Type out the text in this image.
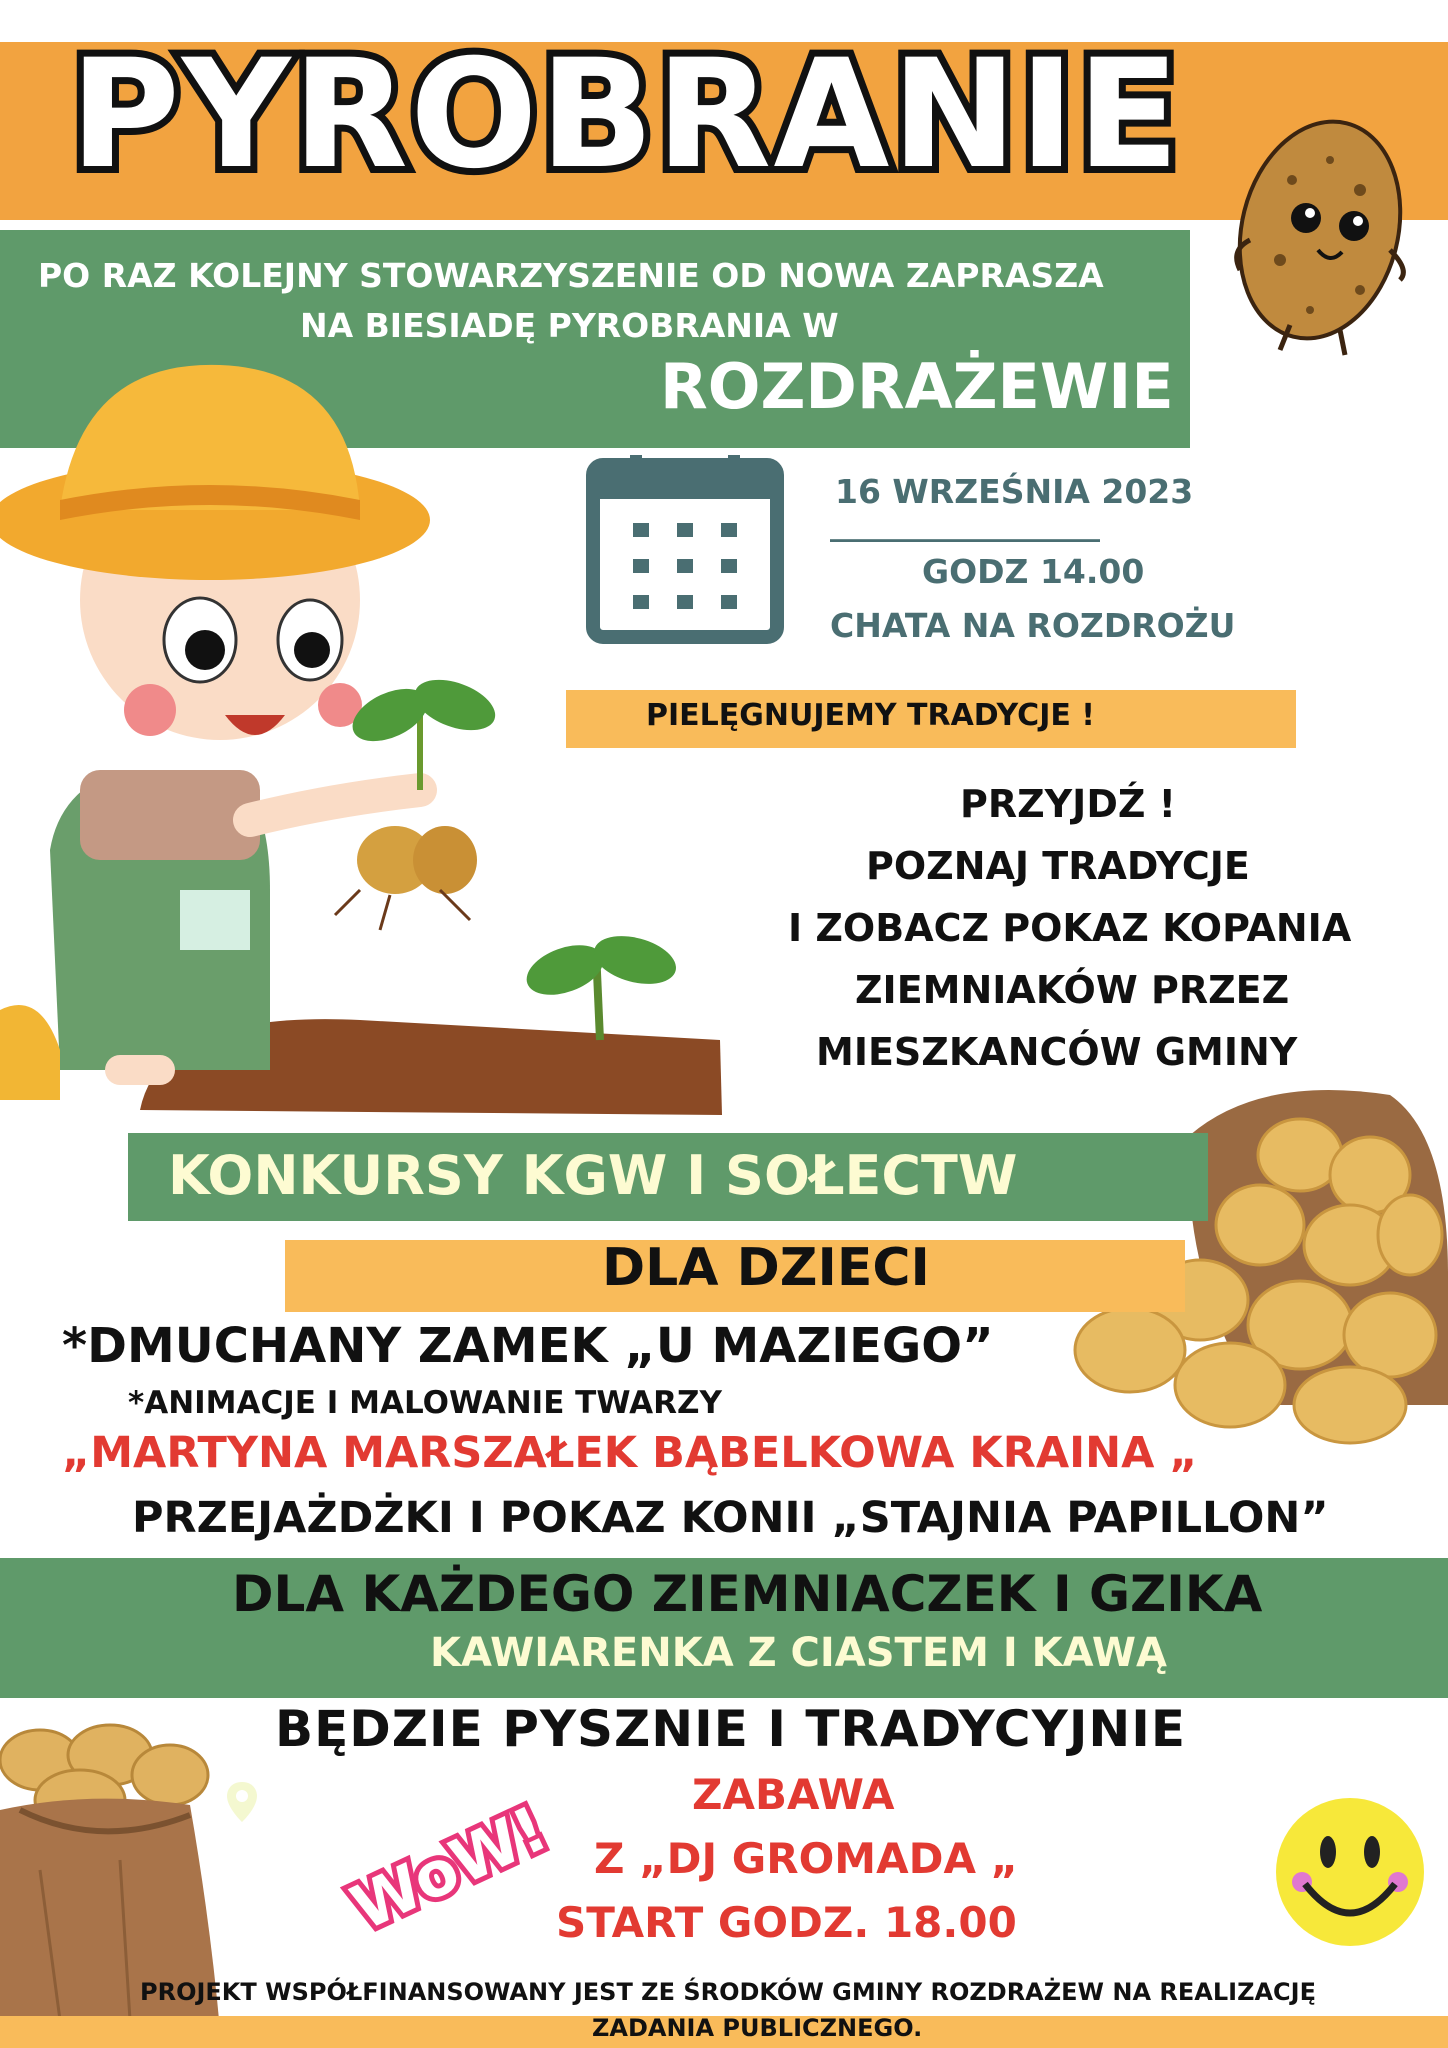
PYROBRANIE
PO RAZ KOLEJNY STOWARZYSZENIE OD NOWA ZAPRASZA
NA BIESIADĘ PYROBRANIA W
ROZDRAŻEWIE
16 WRZEŚNIA 2023
__________________
GODZ 14.00
CHATA NA ROZDROŻU
PIELĘGNUJEMY TRADYCJE !
PRZYJDŹ !
POZNAJ TRADYCJE
I ZOBACZ POKAZ KOPANIA
ZIEMNIAKÓW PRZEZ
MIESZKANCÓW GMINY
KONKURSY KGW I SOŁECTW
DLA DZIECI
*DMUCHANY ZAMEK „U MAZIEGO”
*ANIMACJE I MALOWANIE TWARZY
„MARTYNA MARSZAŁEK BĄBELKOWA KRAINA „
PRZEJAŻDŻKI I POKAZ KONII „STAJNIA PAPILLON”
DLA KAŻDEGO ZIEMNIACZEK I GZIKA
KAWIARENKA Z CIASTEM I KAWĄ
BĘDZIE PYSZNIE I TRADYCYJNIE
WoW!	ZABAWA
Z „DJ GROMADA „
START GODZ. 18.00
PROJEKT WSPÓŁFINANSOWANY JEST ZE ŚRODKÓW GMINY ROZDRAŻEW NA REALIZACJĘ
ZADANIA PUBLICZNEGO.
